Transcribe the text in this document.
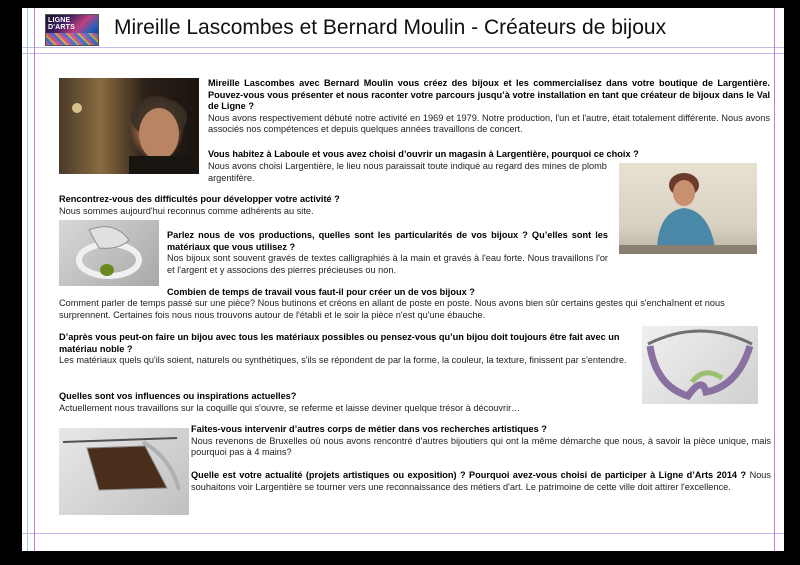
LIGNE D'ARTS	Mireille Lascombes et Bernard Moulin - Créateurs de bijoux
Mireille Lascombes avec Bernard Moulin vous créez des bijoux et les commercialisez dans votre boutique de Largentière. Pouvez-vous vous présenter et nous raconter votre parcours jusqu’à votre installation en tant que créateur de bijoux dans le Val de Ligne ?
Nous avons respectivement débuté notre activité en 1969 et 1979. Notre production, l'un et l'autre, était totalement différente. Nous avons associés nos compétences et depuis quelques années travaillons de concert.
Vous habitez à Laboule et vous avez choisi d’ouvrir un magasin à Largentière, pourquoi ce choix ?
Nous avons choisi Largentière, le lieu nous paraissait toute indiqué au regard des mines de plomb argentifère.
Rencontrez-vous des difficultés pour développer votre activité ?
Nous sommes aujourd'hui reconnus comme adhérents au site.
Parlez nous de vos productions, quelles sont les particularités de vos bijoux ? Qu’elles sont les matériaux que vous utilisez ?
Nos bijoux sont souvent gravés de textes calligraphiés à la main et gravés à l'eau forte. Nous travaillons l'or et l'argent et y associons des pierres précieuses ou non.
Combien de temps de travail vous faut-il pour créer un de vos bijoux ?
Comment parler de temps passé sur une pièce? Nous butinons et créons en allant de poste en poste. Nous avons bien sûr certains gestes qui s'enchaînent et nous surprennent. Certaines fois nous nous trouvons autour de l'établi et le soir la pièce n'est qu'une ébauche.
D’après vous peut-on faire un bijou avec tous les matériaux possibles ou pensez-vous qu’un bijou doit toujours être fait avec un matériau noble ?
Les matériaux quels qu'ils soient, naturels ou synthétiques, s'ils se répondent de par la forme, la couleur, la texture, finissent par s'entendre.
Quelles sont vos influences ou inspirations actuelles?
Actuellement nous travaillons sur la coquille qui s'ouvre, se referme et laisse deviner quelque trésor à découvrir…
Faites-vous intervenir d’autres corps de métier dans vos recherches artistiques ?
Nous revenons de Bruxelles où nous avons rencontré d'autres bijoutiers qui ont la même démarche que nous, à savoir la pièce unique, mais pourquoi pas à 4 mains?
Quelle est votre actualité (projets artistiques ou exposition) ? Pourquoi avez-vous choisi de participer à Ligne d’Arts 2014 ? Nous souhaitons voir Largentière se tourner vers une reconnaissance des métiers d'art. Le patrimoine de cette ville doit attirer l'excellence.
